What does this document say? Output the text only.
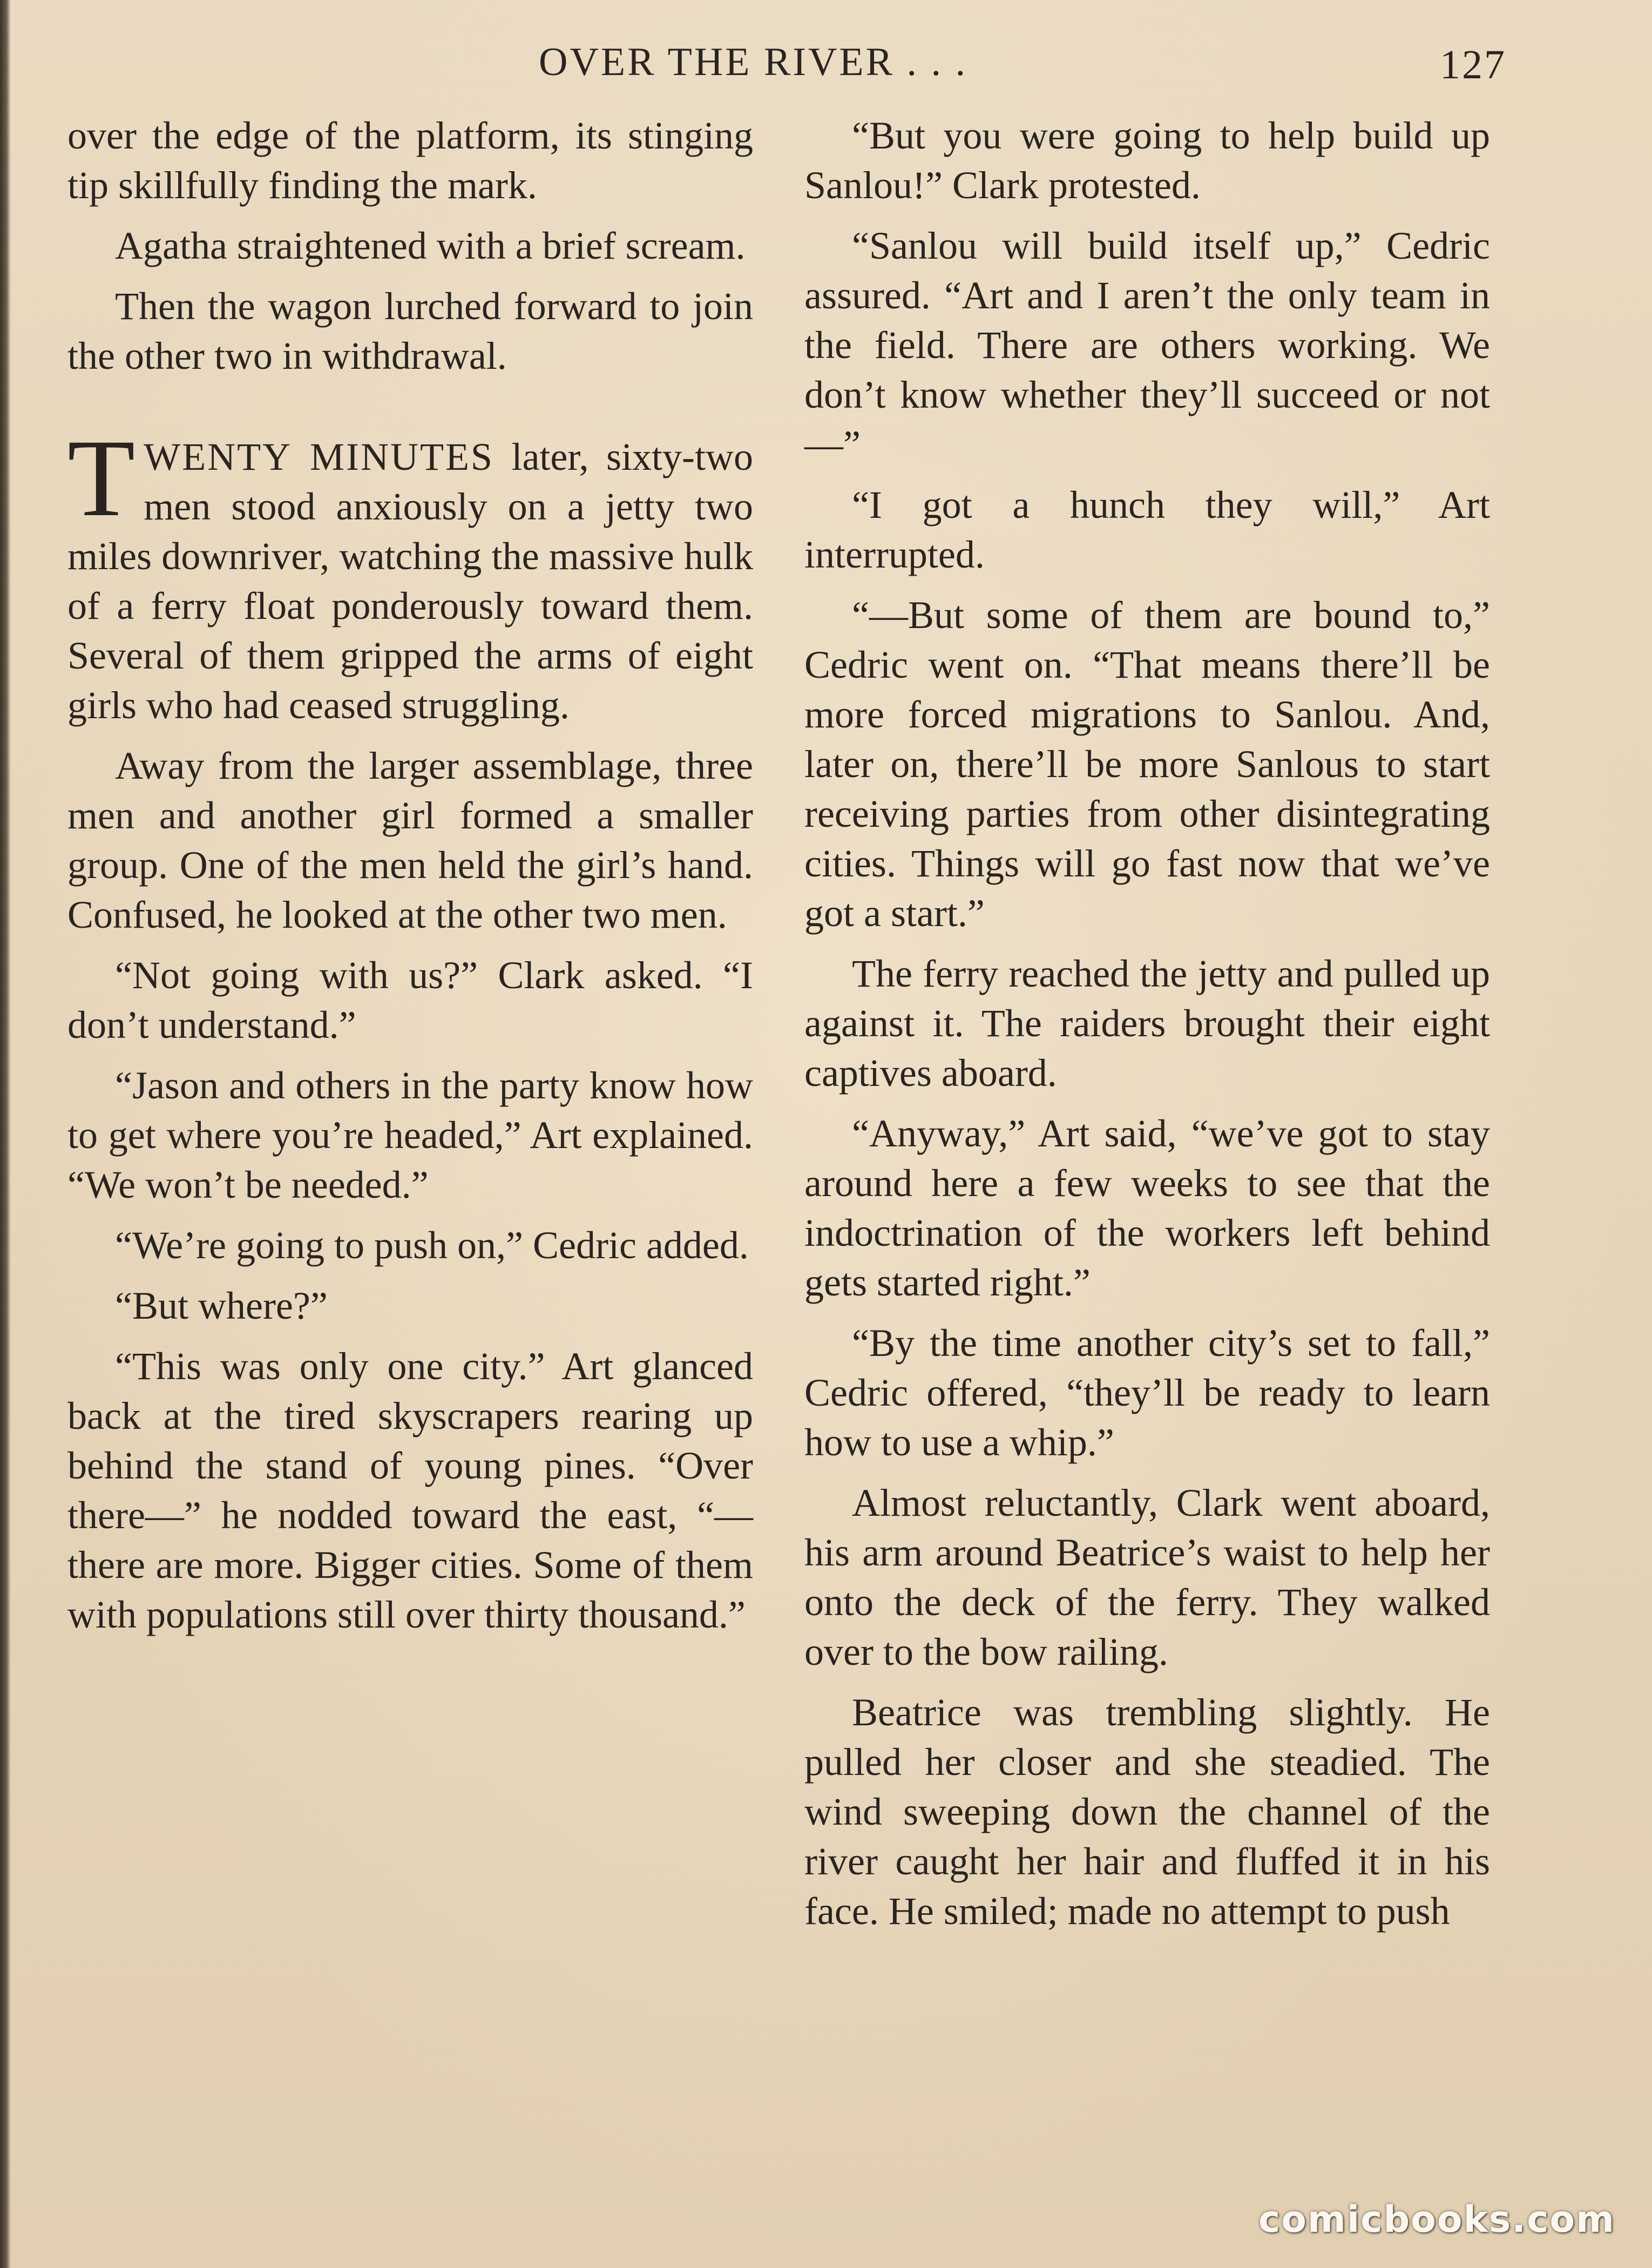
OVER THE RIVER . . .	127

over the edge of the platform, its stinging tip skillfully finding the mark.

Agatha straightened with a brief scream.

Then the wagon lurched forward to join the other two in withdrawal.

TWENTY MINUTES later, sixty-two men stood anxiously on a jetty two miles downriver, watching the massive hulk of a ferry float ponderously toward them. Several of them gripped the arms of eight girls who had ceased struggling.

Away from the larger assemblage, three men and another girl formed a smaller group. One of the men held the girl’s hand. Confused, he looked at the other two men.

“Not going with us?” Clark asked. “I don’t understand.”

“Jason and others in the party know how to get where you’re headed,” Art explained. “We won’t be needed.”

“We’re going to push on,” Cedric added.

“But where?”

“This was only one city.” Art glanced back at the tired skyscrapers rearing up behind the stand of young pines. “Over there—” he nodded toward the east, “—there are more. Bigger cities. Some of them with populations still over thirty thousand.”

“But you were going to help build up Sanlou!” Clark protested.

“Sanlou will build itself up,” Cedric assured. “Art and I aren’t the only team in the field. There are others working. We don’t know whether they’ll succeed or not—”

“I got a hunch they will,” Art interrupted.

“—But some of them are bound to,” Cedric went on. “That means there’ll be more forced migrations to Sanlou. And, later on, there’ll be more Sanlous to start receiving parties from other disintegrating cities. Things will go fast now that we’ve got a start.”

The ferry reached the jetty and pulled up against it. The raiders brought their eight captives aboard.

“Anyway,” Art said, “we’ve got to stay around here a few weeks to see that the indoctrination of the workers left behind gets started right.”

“By the time another city’s set to fall,” Cedric offered, “they’ll be ready to learn how to use a whip.”

Almost reluctantly, Clark went aboard, his arm around Beatrice’s waist to help her onto the deck of the ferry. They walked over to the bow railing.

Beatrice was trembling slightly. He pulled her closer and she steadied. The wind sweeping down the channel of the river caught her hair and fluffed it in his face. He smiled; made no attempt to push

comicbooks.com
